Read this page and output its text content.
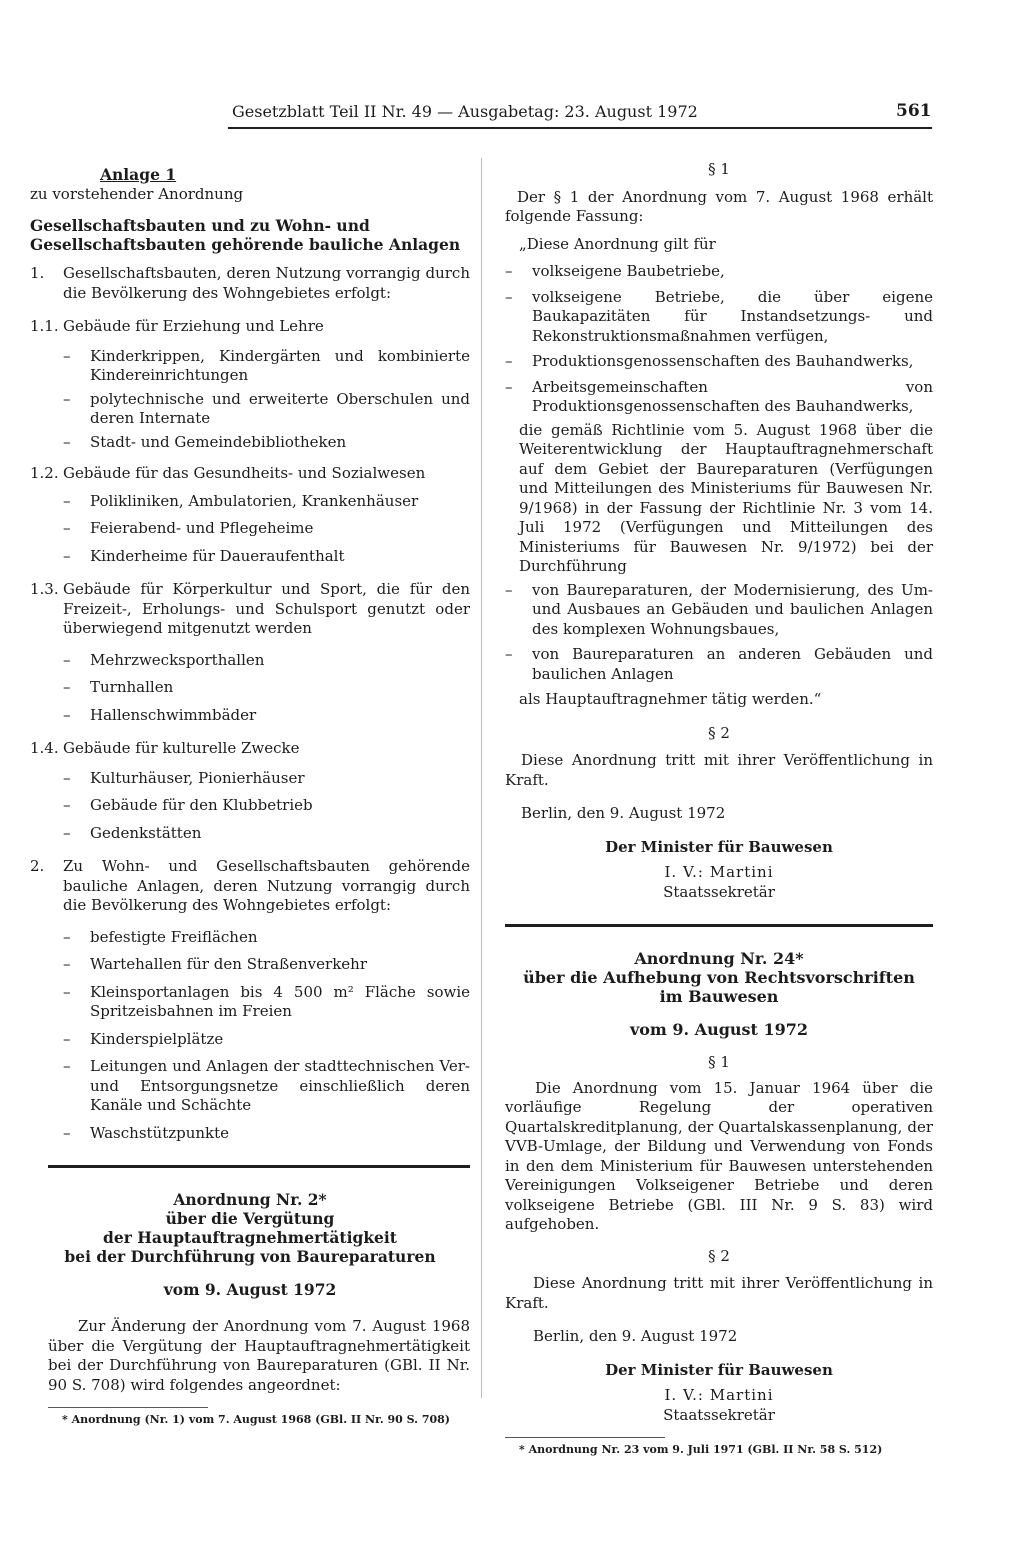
Gesetzblatt Teil II Nr. 49 — Ausgabetag: 23. August 1972	561
Anlage 1
zu vorstehender Anordnung
Gesellschaftsbauten und zu Wohn- und Gesellschaftsbauten gehörende bauliche Anlagen
1.	Gesellschaftsbauten, deren Nutzung vorrangig durch die Bevölkerung des Wohngebietes erfolgt:
1.1. Gebäude für Erziehung und Lehre
–	Kinderkrippen, Kindergärten und kombinierte Kindereinrichtungen
–	polytechnische und erweiterte Oberschulen und deren Internate
–	Stadt- und Gemeindebibliotheken
1.2. Gebäude für das Gesundheits- und Sozialwesen
–	Polikliniken, Ambulatorien, Krankenhäuser
–	Feierabend- und Pflegeheime
–	Kinderheime für Daueraufenthalt
1.3. Gebäude für Körperkultur und Sport, die für den Freizeit-, Erholungs- und Schulsport genutzt oder überwiegend mitgenutzt werden
–	Mehrzwecksporthallen
–	Turnhallen
–	Hallenschwimmbäder
1.4. Gebäude für kulturelle Zwecke
–	Kulturhäuser, Pionierhäuser
–	Gebäude für den Klubbetrieb
–	Gedenkstätten
2.	Zu Wohn- und Gesellschaftsbauten gehörende bauliche Anlagen, deren Nutzung vorrangig durch die Bevölkerung des Wohngebietes erfolgt:
–	befestigte Freiflächen
–	Wartehallen für den Straßenverkehr
–	Kleinsportanlagen bis 4 500 m² Fläche sowie Spritzeisbahnen im Freien
–	Kinderspielplätze
–	Leitungen und Anlagen der stadttechnischen Ver- und Entsorgungsnetze einschließlich deren Kanäle und Schächte
–	Waschstützpunkte
Anordnung Nr. 2*
über die Vergütung
der Hauptauftragnehmertätigkeit
bei der Durchführung von Baureparaturen
vom 9. August 1972
Zur Änderung der Anordnung vom 7. August 1968 über die Vergütung der Hauptauftragnehmertätigkeit bei der Durchführung von Baureparaturen (GBl. II Nr. 90 S. 708) wird folgendes angeordnet:
* Anordnung (Nr. 1) vom 7. August 1968 (GBl. II Nr. 90 S. 708)
§ 1
Der § 1 der Anordnung vom 7. August 1968 erhält folgende Fassung:
„Diese Anordnung gilt für
–	volkseigene Baubetriebe,
–	volkseigene Betriebe, die über eigene Baukapazitäten für Instandsetzungs- und Rekonstruktionsmaßnahmen verfügen,
–	Produktionsgenossenschaften des Bauhandwerks,
–	Arbeitsgemeinschaften von Produktionsgenossenschaften des Bauhandwerks,
die gemäß Richtlinie vom 5. August 1968 über die Weiterentwicklung der Hauptauftragnehmerschaft auf dem Gebiet der Baureparaturen (Verfügungen und Mitteilungen des Ministeriums für Bauwesen Nr. 9/1968) in der Fassung der Richtlinie Nr. 3 vom 14. Juli 1972 (Verfügungen und Mitteilungen des Ministeriums für Bauwesen Nr. 9/1972) bei der Durchführung
–	von Baureparaturen, der Modernisierung, des Um- und Ausbaues an Gebäuden und baulichen Anlagen des komplexen Wohnungsbaues,
–	von Baureparaturen an anderen Gebäuden und baulichen Anlagen
als Hauptauftragnehmer tätig werden.“
§ 2
Diese Anordnung tritt mit ihrer Veröffentlichung in Kraft.
Berlin, den 9. August 1972
Der Minister für Bauwesen
I. V.: Martini
Staatssekretär
Anordnung Nr. 24*
über die Aufhebung von Rechtsvorschriften
im Bauwesen
vom 9. August 1972
§ 1
Die Anordnung vom 15. Januar 1964 über die vorläufige Regelung der operativen Quartalskreditplanung, der Quartalskassenplanung, der VVB-Umlage, der Bildung und Verwendung von Fonds in den dem Ministerium für Bauwesen unterstehenden Vereinigungen Volkseigener Betriebe und deren volkseigene Betriebe (GBl. III Nr. 9 S. 83) wird aufgehoben.
§ 2
Diese Anordnung tritt mit ihrer Veröffentlichung in Kraft.
Berlin, den 9. August 1972
Der Minister für Bauwesen
I. V.: Martini
Staatssekretär
* Anordnung Nr. 23 vom 9. Juli 1971 (GBl. II Nr. 58 S. 512)
